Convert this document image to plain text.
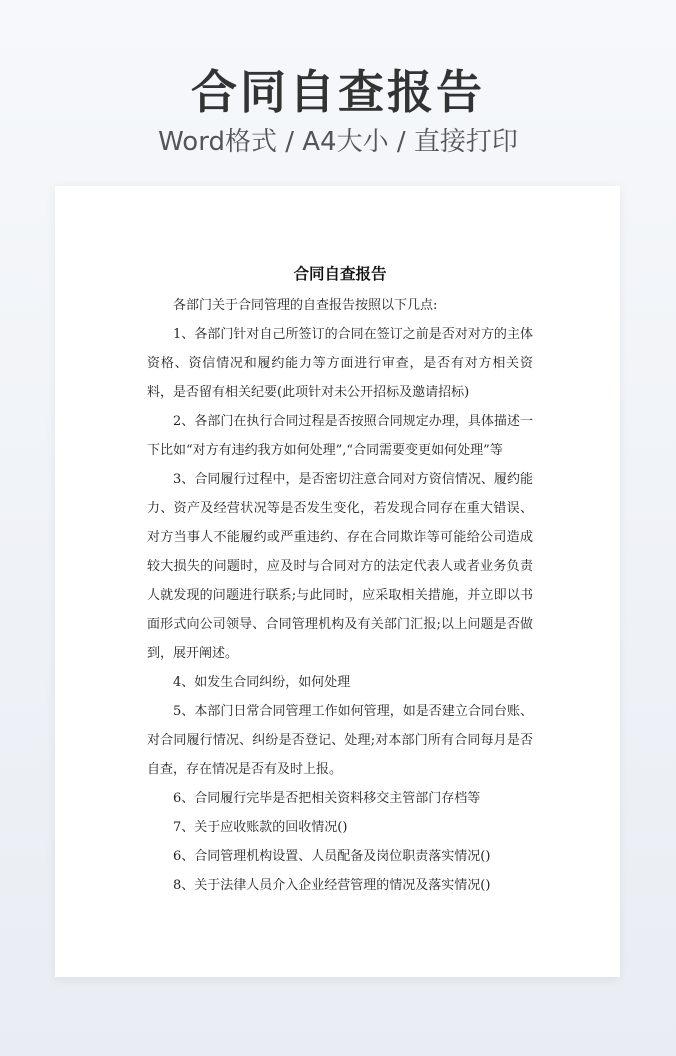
合同自查报告
Word格式 / A4大小 / 直接打印
合同自查报告

各部门关于合同管理的自查报告按照以下几点:

1、各部门针对自己所签订的合同在签订之前是否对对方的主体资格、资信情况和履约能力等方面进行审查，是否有对方相关资料，是否留有相关纪要(此项针对未公开招标及邀请招标)

2、各部门在执行合同过程是否按照合同规定办理，具体描述一下比如“对方有违约我方如何处理”,“合同需要变更如何处理”等

3、合同履行过程中，是否密切注意合同对方资信情况、履约能力、资产及经营状况等是否发生变化，若发现合同存在重大错误、对方当事人不能履约或严重违约、存在合同欺诈等可能给公司造成较大损失的问题时，应及时与合同对方的法定代表人或者业务负责人就发现的问题进行联系;与此同时，应采取相关措施，并立即以书面形式向公司领导、合同管理机构及有关部门汇报;以上问题是否做到，展开阐述。

4、如发生合同纠纷，如何处理

5、本部门日常合同管理工作如何管理，如是否建立合同台账、对合同履行情况、纠纷是否登记、处理;对本部门所有合同每月是否自查，存在情况是否有及时上报。

6、合同履行完毕是否把相关资料移交主管部门存档等

7、关于应收账款的回收情况()

6、合同管理机构设置、人员配备及岗位职责落实情况()

8、关于法律人员介入企业经营管理的情况及落实情况()
